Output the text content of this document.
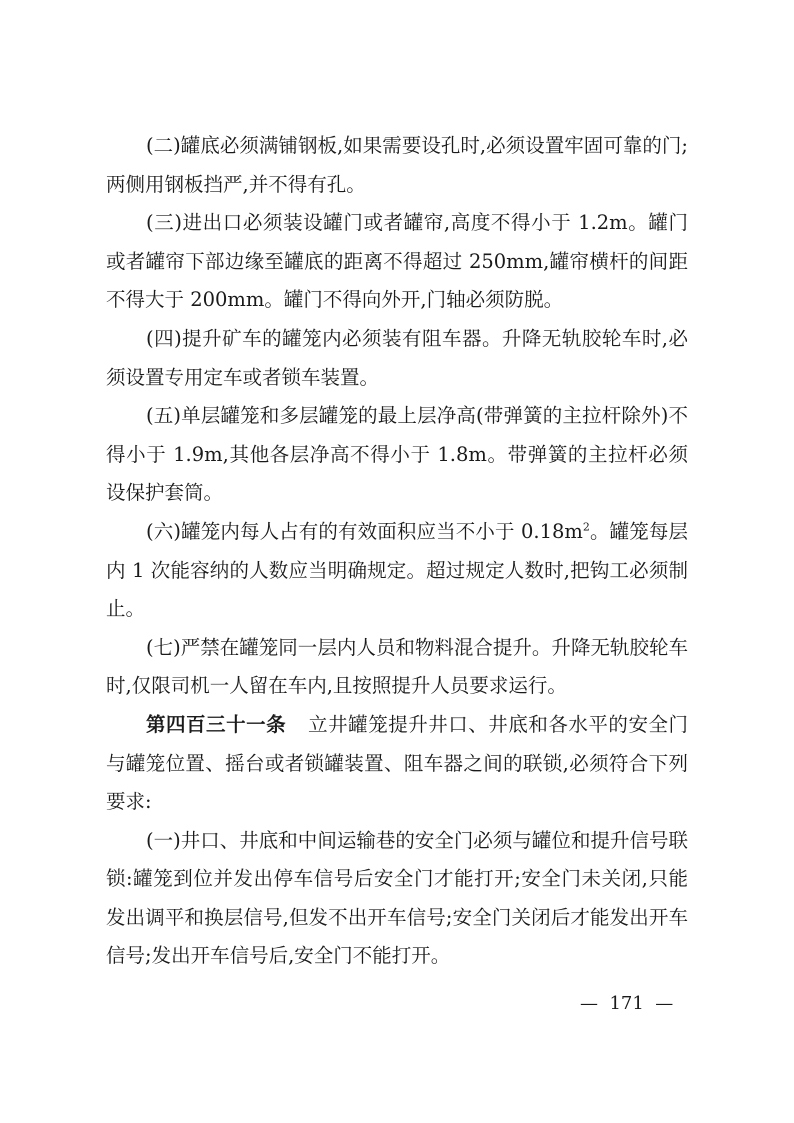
(二)罐底必须满铺钢板,如果需要设孔时,必须设置牢固可靠的门;两侧用钢板挡严,并不得有孔。

(三)进出口必须装设罐门或者罐帘,高度不得小于 1.2m。罐门或者罐帘下部边缘至罐底的距离不得超过 250mm,罐帘横杆的间距不得大于 200mm。罐门不得向外开,门轴必须防脱。

(四)提升矿车的罐笼内必须装有阻车器。升降无轨胶轮车时,必须设置专用定车或者锁车装置。

(五)单层罐笼和多层罐笼的最上层净高(带弹簧的主拉杆除外)不得小于 1.9m,其他各层净高不得小于 1.8m。带弹簧的主拉杆必须设保护套筒。

(六)罐笼内每人占有的有效面积应当不小于 $0.18m^2$。罐笼每层内 1 次能容纳的人数应当明确规定。超过规定人数时,把钩工必须制止。

(七)严禁在罐笼同一层内人员和物料混合提升。升降无轨胶轮车时,仅限司机一人留在车内,且按照提升人员要求运行。

第四百三十一条 立井罐笼提升井口、井底和各水平的安全门与罐笼位置、摇台或者锁罐装置、阻车器之间的联锁,必须符合下列要求:

(一)井口、井底和中间运输巷的安全门必须与罐位和提升信号联锁:罐笼到位并发出停车信号后安全门才能打开;安全门未关闭,只能发出调平和换层信号,但发不出开车信号;安全门关闭后才能发出开车信号;发出开车信号后,安全门不能打开。

—  171  —
